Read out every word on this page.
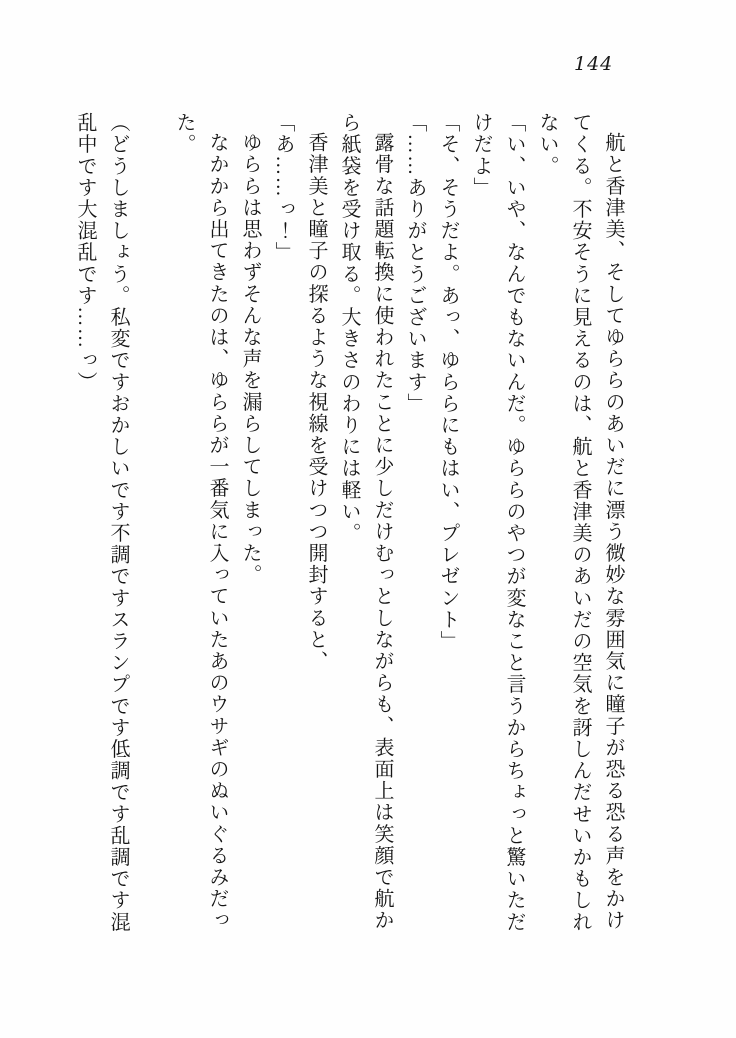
144

航と香津美、そしてゆららのあいだに漂う微妙な雰囲気に瞳子が恐る恐る声をかけてくる。不安そうに見えるのは、航と香津美のあいだの空気を訝しんだせいかもしれない。

「い、いや、なんでもないんだ。ゆららのやつが変なこと言うからちょっと驚いただけだよ」

「そ、そうだよ。あっ、ゆららにもはい、プレゼント」

「……ありがとうございます」

露骨な話題転換に使われたことに少しだけむっとしながらも、表面上は笑顔で航から紙袋を受け取る。大きさのわりには軽い。

香津美と瞳子の探るような視線を受けつつ開封すると、

「あ……っ！」

ゆららは思わずそんな声を漏らしてしまった。

なかから出てきたのは、ゆららが一番気に入っていたあのウサギのぬいぐるみだった。

（どうしましょう。私変ですおかしいです不調ですスランプです低調です乱調です混乱中です大混乱です……っ）
